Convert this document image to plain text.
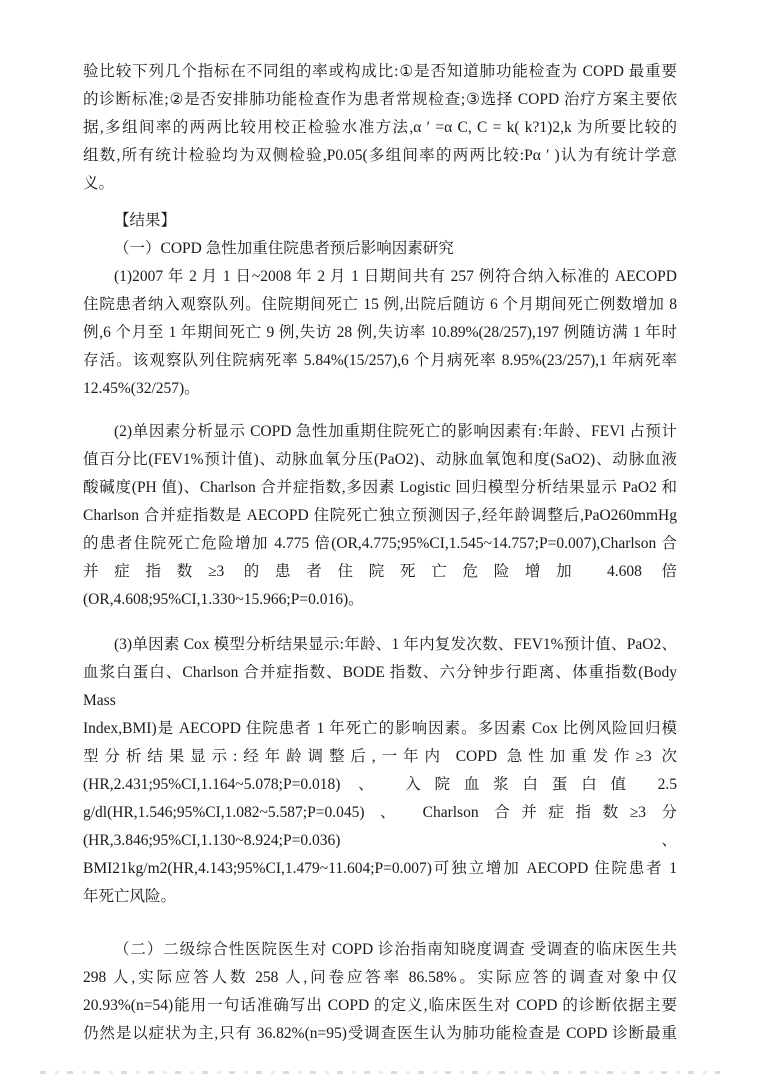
验比较下列几个指标在不同组的率或构成比:①是否知道肺功能检查为 COPD 最重要
的诊断标准;②是否安排肺功能检查作为患者常规检查;③选择 COPD 治疗方案主要依
据,多组间率的两两比较用校正检验水准方法,α ′ =α C, C = k( k?1)2,k 为所要比较的
组数,所有统计检验均为双侧检验,P0.05(多组间率的两两比较:Pα ′ )认为有统计学意
义。
【结果】
（一）COPD 急性加重住院患者预后影响因素研究
(1)2007 年 2 月 1 日~2008 年 2 月 1 日期间共有 257 例符合纳入标准的 AECOPD
住院患者纳入观察队列。住院期间死亡 15 例,出院后随访 6 个月期间死亡例数增加 8
例,6 个月至 1 年期间死亡 9 例,失访 28 例,失访率 10.89%(28/257),197 例随访满 1 年时
存活。该观察队列住院病死率 5.84%(15/257),6 个月病死率 8.95%(23/257),1 年病死率
12.45%(32/257)。
(2)单因素分析显示 COPD 急性加重期住院死亡的影响因素有:年龄、FEVl 占预计
值百分比(FEV1%预计值)、动脉血氧分压(PaO2)、动脉血氧饱和度(SaO2)、动脉血液
酸碱度(PH 值)、Charlson 合并症指数,多因素 Logistic 回归模型分析结果显示 PaO2 和
Charlson 合并症指数是 AECOPD 住院死亡独立预测因子,经年龄调整后,PaO260mmHg
的患者住院死亡危险增加 4.775 倍(OR,4.775;95%CI,1.545~14.757;P=0.007),Charlson 合
并症指数≥3 的患者住院死亡危险增加 4.608 倍
(OR,4.608;95%CI,1.330~15.966;P=0.016)。
(3)单因素 Cox 模型分析结果显示:年龄、1 年内复发次数、FEV1%预计值、PaO2、
血浆白蛋白、Charlson 合并症指数、BODE 指数、六分钟步行距离、体重指数(Body Mass
Index,BMI)是 AECOPD 住院患者 1 年死亡的影响因素。多因素 Cox 比例风险回归模
型分析结果显示:经年龄调整后,一年内 COPD 急性加重发作≥3 次
(HR,2.431;95%CI,1.164~5.078;P=0.018) 、 入院血浆白蛋白值 2.5
g/dl(HR,1.546;95%CI,1.082~5.587;P=0.045) 、 Charlson 合并症指数≥3 分
(HR,3.846;95%CI,1.130~8.924;P=0.036) 、
BMI21kg/m2(HR,4.143;95%CI,1.479~11.604;P=0.007)可独立增加 AECOPD 住院患者 1
年死亡风险。
（二）二级综合性医院医生对 COPD 诊治指南知晓度调查 受调查的临床医生共
298 人,实际应答人数 258 人,问卷应答率 86.58%。实际应答的调查对象中仅
20.93%(n=54)能用一句话准确写出 COPD 的定义,临床医生对 COPD 的诊断依据主要
仍然是以症状为主,只有 36.82%(n=95)受调查医生认为肺功能检查是 COPD 诊断最重
